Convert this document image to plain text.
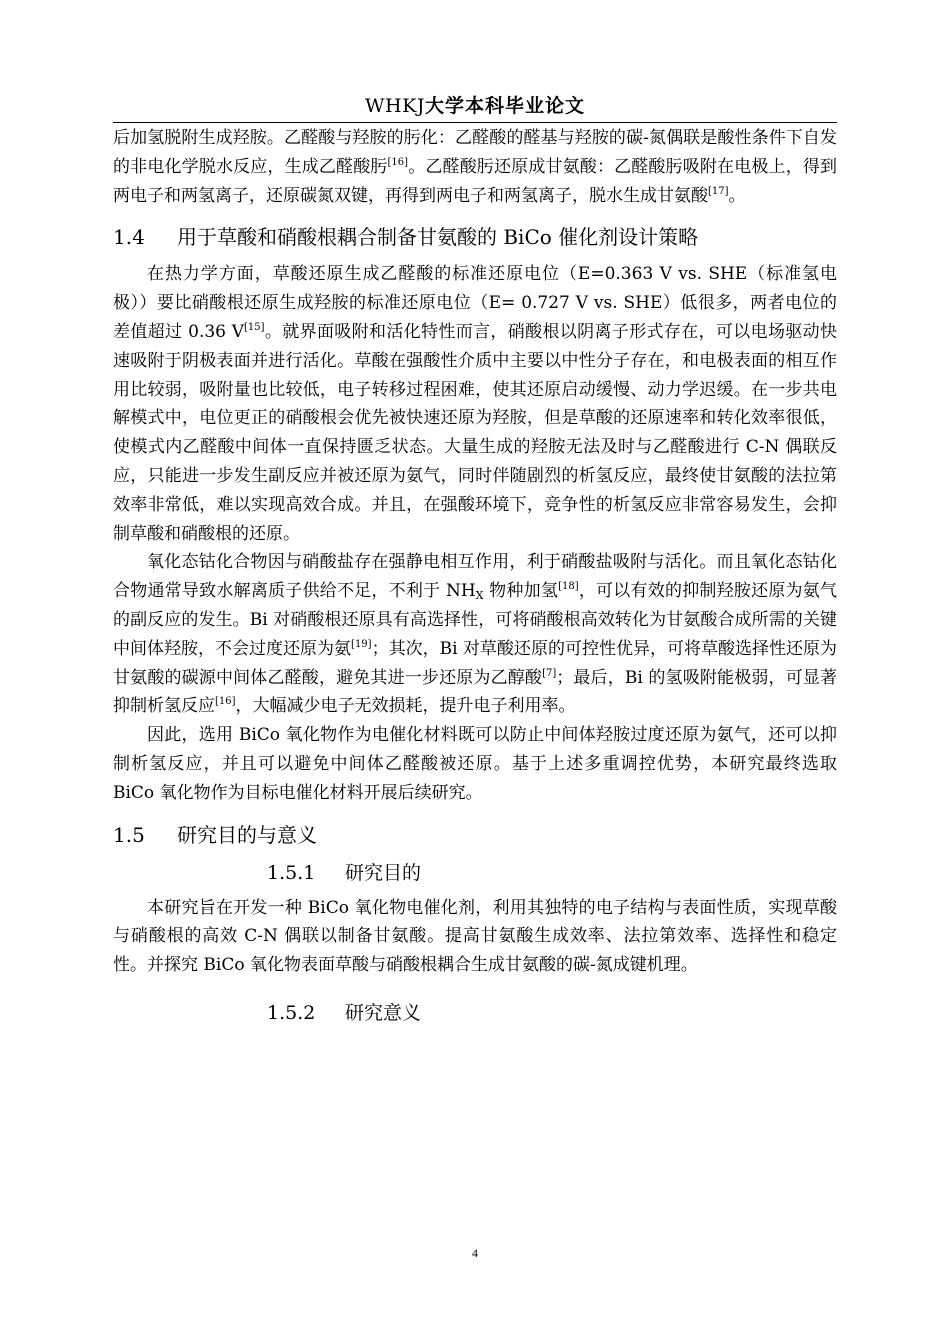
WHKJ大学本科毕业论文

后加氢脱附生成羟胺。乙醛酸与羟胺的肟化：乙醛酸的醛基与羟胺的碳-氮偶联是酸性条件下自发的非电化学脱水反应，生成乙醛酸肟[16]。乙醛酸肟还原成甘氨酸：乙醛酸肟吸附在电极上，得到两电子和两氢离子，还原碳氮双键，再得到两电子和两氢离子，脱水生成甘氨酸[17]。

1.4 用于草酸和硝酸根耦合制备甘氨酸的 BiCo 催化剂设计策略

在热力学方面，草酸还原生成乙醛酸的标准还原电位（E=0.363 V vs. SHE（标准氢电极））要比硝酸根还原生成羟胺的标准还原电位（E= 0.727 V vs. SHE）低很多，两者电位的差值超过 0.36 V[15]。就界面吸附和活化特性而言，硝酸根以阴离子形式存在，可以电场驱动快速吸附于阴极表面并进行活化。草酸在强酸性介质中主要以中性分子存在，和电极表面的相互作用比较弱，吸附量也比较低，电子转移过程困难，使其还原启动缓慢、动力学迟缓。在一步共电解模式中，电位更正的硝酸根会优先被快速还原为羟胺，但是草酸的还原速率和转化效率很低，使模式内乙醛酸中间体一直保持匮乏状态。大量生成的羟胺无法及时与乙醛酸进行 C-N 偶联反应，只能进一步发生副反应并被还原为氨气，同时伴随剧烈的析氢反应，最终使甘氨酸的法拉第效率非常低，难以实现高效合成。并且，在强酸环境下，竞争性的析氢反应非常容易发生，会抑制草酸和硝酸根的还原。

氧化态钴化合物因与硝酸盐存在强静电相互作用，利于硝酸盐吸附与活化。而且氧化态钴化合物通常导致水解离质子供给不足，不利于 $NH_X$ 物种加氢[18]，可以有效的抑制羟胺还原为氨气的副反应的发生。Bi 对硝酸根还原具有高选择性，可将硝酸根高效转化为甘氨酸合成所需的关键中间体羟胺，不会过度还原为氨[19]；其次，Bi 对草酸还原的可控性优异，可将草酸选择性还原为甘氨酸的碳源中间体乙醛酸，避免其进一步还原为乙醇酸[7]；最后，Bi 的氢吸附能极弱，可显著抑制析氢反应[16]，大幅减少电子无效损耗，提升电子利用率。

因此，选用 BiCo 氧化物作为电催化材料既可以防止中间体羟胺过度还原为氨气，还可以抑制析氢反应，并且可以避免中间体乙醛酸被还原。基于上述多重调控优势，本研究最终选取 BiCo 氧化物作为目标电催化材料开展后续研究。

1.5 研究目的与意义
1.5.1 研究目的

本研究旨在开发一种 BiCo 氧化物电催化剂，利用其独特的电子结构与表面性质，实现草酸与硝酸根的高效 C-N 偶联以制备甘氨酸。提高甘氨酸生成效率、法拉第效率、选择性和稳定性。并探究 BiCo 氧化物表面草酸与硝酸根耦合生成甘氨酸的碳-氮成键机理。

1.5.2 研究意义
4
